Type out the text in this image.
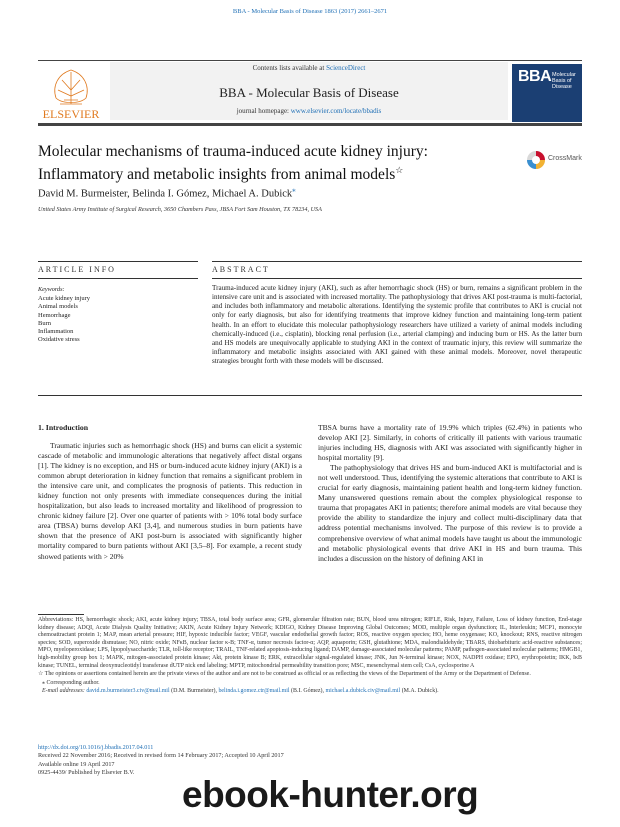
BBA - Molecular Basis of Disease 1863 (2017) 2661–2671
ELSEVIER
Contents lists available at ScienceDirect
BBA - Molecular Basis of Disease
journal homepage: www.elsevier.com/locate/bbadis
BBA Molecular
Basis of
Disease
Molecular mechanisms of trauma-induced acute kidney injury:
Inflammatory and metabolic insights from animal models☆
CrossMark
David M. Burmeister, Belinda I. Gómez, Michael A. Dubick⁎
United States Army Institute of Surgical Research, 3650 Chambers Pass, JBSA Fort Sam Houston, TX 78234, USA
ARTICLE INFO	ABSTRACT
Keywords:
Acute kidney injury
Animal models
Hemorrhage
Burn
Inflammation
Oxidative stress
Trauma-induced acute kidney injury (AKI), such as after hemorrhagic shock (HS) or burn, remains a significant problem in the intensive care unit and is associated with increased mortality. The pathophysiology that drives AKI post-trauma is multi-factorial, and includes both inflammatory and metabolic alterations. Identifying the systemic profile that contributes to AKI is crucial not only for early diagnosis, but also for identifying treatments that improve kidney function and maintaining long-term patient health. In an effort to elucidate this molecular pathophysiology researchers have utilized a variety of animal models including chemically-induced (i.e., cisplatin), blocking renal perfusion (i.e., arterial clamping) and inducing burn or HS. As the latter burn and HS models are unequivocally applicable to studying AKI in the context of traumatic injury, this review will summarize the inflammatory and metabolic insights associated with AKI gained with these animal models. Moreover, novel therapeutic strategies brought forth with these models will be discussed.
1. Introduction

Traumatic injuries such as hemorrhagic shock (HS) and burns can elicit a systemic cascade of metabolic and immunologic alterations that negatively affect distal organs [1]. The kidney is no exception, and HS or burn-induced acute kidney injury (AKI) is a common abrupt deterioration in kidney function that remains a significant problem in the intensive care unit, and complicates the prognosis of patients. This reduction in kidney function not only presents with immediate consequences during the initial hospitalization, but also leads to increased mortality and likelihood of progression to chronic kidney failure [2]. Over one quarter of patients with > 10% total body surface area (TBSA) burns develop AKI [3,4], and numerous studies in burn patients have shown that the presence of AKI post-burn is associated with significantly higher mortality compared to burn patients without AKI [3,5–8]. For example, a recent study showed patients with > 20%

TBSA burns have a mortality rate of 19.9% which triples (62.4%) in patients who develop AKI [2]. Similarly, in cohorts of critically ill patients with various traumatic injuries including HS, diagnosis with AKI was associated with significantly higher in hospital mortality [9].

The pathophysiology that drives HS and burn-induced AKI is multifactorial and is not well understood. Thus, identifying the systemic alterations that contribute to AKI is crucial for early diagnosis, maintaining patient health and long-term kidney function. Many unanswered questions remain about the complex physiological response to trauma that propagates AKI in patients; therefore animal models are vital because they provide the ability to standardize the injury and collect multi-disciplinary data that address potential mechanisms involved. The purpose of this review is to provide a comprehensive overview of what animal models have taught us about the immunologic and metabolic physiological events that drive AKI in HS and burn trauma. This includes a discussion on the history of defining AKI in

Abbreviations: HS, hemorrhagic shock; AKI, acute kidney injury; TBSA, total body surface area; GFR, glomerular filtration rate; BUN, blood urea nitrogen; RIFLE, Risk, Injury, Failure, Loss of kidney function, End-stage kidney disease; ADQI, Acute Dialysis Quality Initiative; AKIN, Acute Kidney Injury Network; KDIGO, Kidney Disease Improving Global Outcomes; MOD, multiple organ dysfunction; IL, Interleukin; MCP1, monocyte chemoattractant protein 1; MAP, mean arterial pressure; HIF, hypoxic inducible factor; VEGF, vascular endothelial growth factor; ROS, reactive oxygen species; HO, heme oxygenase; KO, knockout; RNS, reactive nitrogen species; SOD, superoxide dismutase; NO, nitric oxide; NFκB, nuclear factor κ-B; TNF-α, tumor necrosis factor-α; AQP, aquaporin; GSH, glutathione; MDA, malondialdehyde; TBARS, thiobarbituric acid-reactive substances; MPO, myeloperoxidase; LPS, lipopolysaccharide; TLR, toll-like receptor; TRAIL, TNF-related apoptosis-inducing ligand; DAMP, damage-associated molecular patterns; PAMP, pathogen-associated molecular patterns; HMGB1, high-mobility group box 1; MAPK, mitogen-associated protein kinase; Akt, protein kinase B; ERK, extracellular signal-regulated kinase; JNK, Jun N-terminal kinase; NOX, NADPH oxidase; EPO, erythropoietin; IKK, IκB kinase; TUNEL, terminal deoxynucleotidyl transferase dUTP nick end labeling; MPTP, mitochondrial permeability transition pore; MSC, mesenchymal stem cell; CsA, cyclosporine A

☆ The opinions or assertions contained herein are the private views of the author and are not to be construed as official or as reflecting the views of the Department of the Army or the Department of Defense.

⁎ Corresponding author.

E-mail addresses: david.m.burmeister3.civ@mail.mil (D.M. Burmeister), belinda.i.gomez.ctr@mail.mil (B.I. Gómez), michael.a.dubick.civ@mail.mil (M.A. Dubick).

http://dx.doi.org/10.1016/j.bbadis.2017.04.011
Received 22 November 2016; Received in revised form 14 February 2017; Accepted 10 April 2017
Available online 19 April 2017
0925-4439/ Published by Elsevier B.V.
ebook-hunter.org
